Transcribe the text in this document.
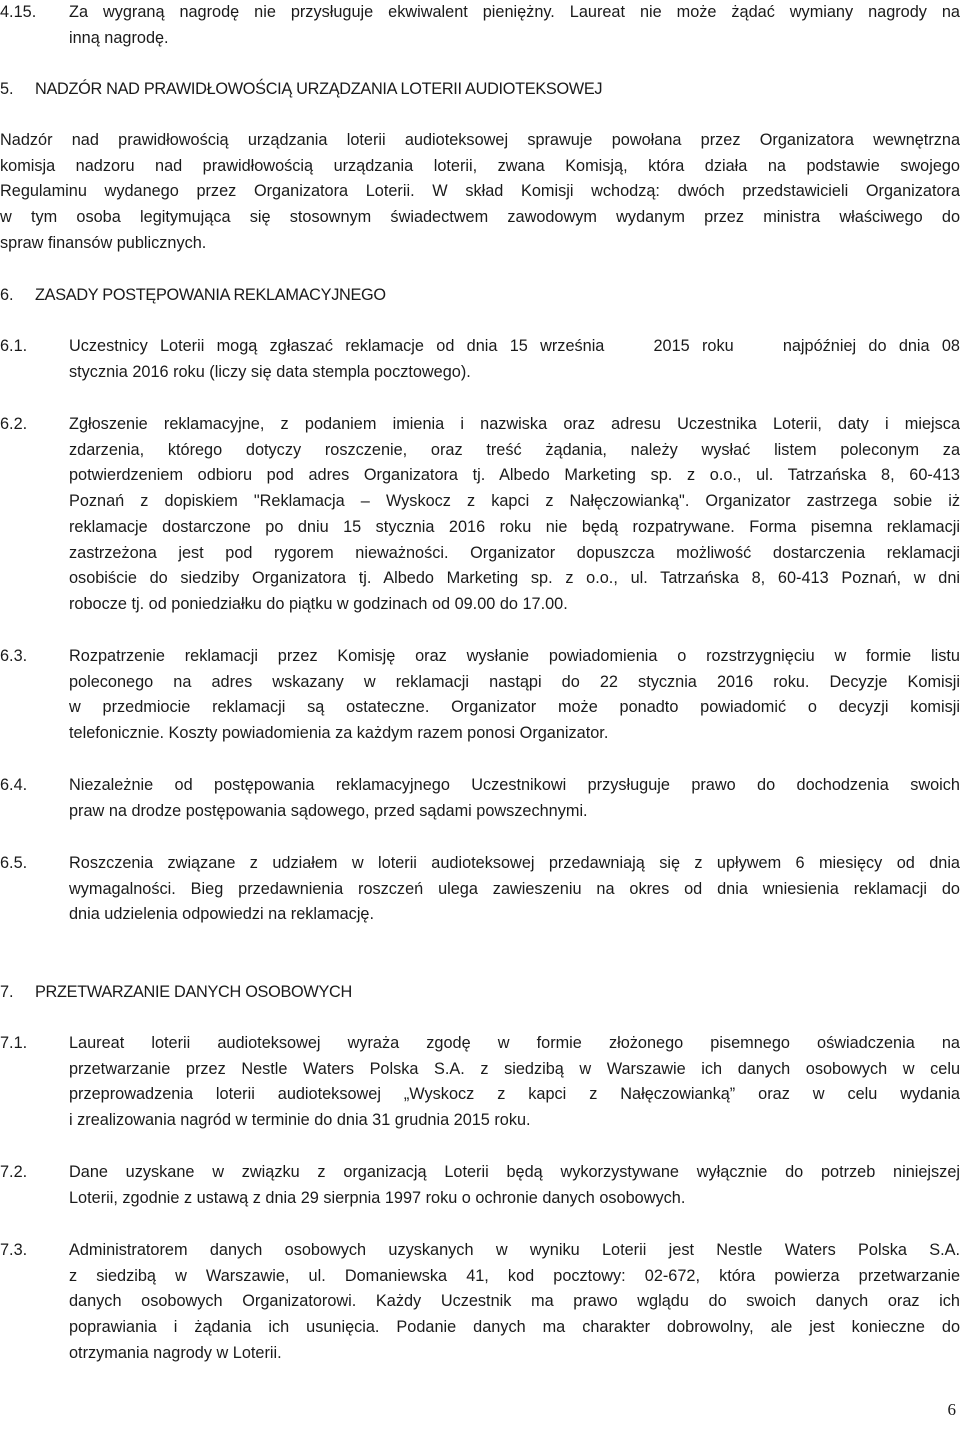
4.15. Za wygraną nagrodę nie przysługuje ekwiwalent pieniężny. Laureat nie może żądać wymiany nagrody na
inną nagrodę.
5. NADZÓR NAD PRAWIDŁOWOŚCIĄ URZĄDZANIA LOTERII AUDIOTEKSOWEJ
Nadzór nad prawidłowością urządzania loterii audioteksowej sprawuje powołana przez Organizatora wewnętrzna
komisja nadzoru nad prawidłowością urządzania loterii, zwana Komisją, która działa na podstawie swojego
Regulaminu wydanego przez Organizatora Loterii. W skład Komisji wchodzą: dwóch przedstawicieli Organizatora
w tym osoba legitymująca się stosownym świadectwem zawodowym wydanym przez ministra właściwego do
spraw finansów publicznych.
6. ZASADY POSTĘPOWANIA REKLAMACYJNEGO
6.1.	Uczestnicy Loterii mogą zgłaszać reklamacje od dnia 15 września    2015 roku    najpóźniej do dnia 08
stycznia 2016 roku (liczy się data stempla pocztowego).
6.2.	Zgłoszenie reklamacyjne, z podaniem imienia i nazwiska oraz adresu Uczestnika Loterii, daty i miejsca
zdarzenia, którego dotyczy roszczenie, oraz treść żądania, należy wysłać listem poleconym za
potwierdzeniem odbioru pod adres Organizatora tj. Albedo Marketing sp. z o.o., ul. Tatrzańska 8, 60-413
Poznań z dopiskiem "Reklamacja – Wyskocz z kapci z Nałęczowianką". Organizator zastrzega sobie iż
reklamacje dostarczone po dniu 15 stycznia 2016 roku nie będą rozpatrywane. Forma pisemna reklamacji
zastrzeżona jest pod rygorem nieważności. Organizator dopuszcza możliwość dostarczenia reklamacji
osobiście do siedziby Organizatora tj. Albedo Marketing sp. z o.o., ul. Tatrzańska 8, 60-413 Poznań, w dni
robocze tj. od poniedziałku do piątku w godzinach od 09.00 do 17.00.
6.3.	Rozpatrzenie reklamacji przez Komisję oraz wysłanie powiadomienia o rozstrzygnięciu w formie listu
poleconego na adres wskazany w reklamacji nastąpi do 22 stycznia 2016 roku. Decyzje Komisji
w przedmiocie reklamacji są ostateczne. Organizator może ponadto powiadomić o decyzji komisji
telefonicznie. Koszty powiadomienia za każdym razem ponosi Organizator.
6.4.	Niezależnie od postępowania reklamacyjnego Uczestnikowi przysługuje prawo do dochodzenia swoich
praw na drodze postępowania sądowego, przed sądami powszechnymi.
6.5.	Roszczenia związane z udziałem w loterii audioteksowej przedawniają się z upływem 6 miesięcy od dnia
wymagalności. Bieg przedawnienia roszczeń ulega zawieszeniu na okres od dnia wniesienia reklamacji do
dnia udzielenia odpowiedzi na reklamację.
7. PRZETWARZANIE DANYCH OSOBOWYCH
7.1.	Laureat loterii audioteksowej wyraża zgodę w formie złożonego pisemnego oświadczenia na
przetwarzanie przez Nestle Waters Polska S.A. z siedzibą w Warszawie ich danych osobowych w celu
przeprowadzenia loterii audioteksowej „Wyskocz z kapci z Nałęczowianką” oraz w celu wydania
i zrealizowania nagród w terminie do dnia 31 grudnia 2015 roku.
7.2.	Dane uzyskane w związku z organizacją Loterii będą wykorzystywane wyłącznie do potrzeb niniejszej
Loterii, zgodnie z ustawą z dnia 29 sierpnia 1997 roku o ochronie danych osobowych.
7.3.	Administratorem danych osobowych uzyskanych w wyniku Loterii jest Nestle Waters Polska S.A.
z siedzibą w Warszawie, ul. Domaniewska 41, kod pocztowy: 02-672, która powierza przetwarzanie
danych osobowych Organizatorowi. Każdy Uczestnik ma prawo wglądu do swoich danych oraz ich
poprawiania i żądania ich usunięcia. Podanie danych ma charakter dobrowolny, ale jest konieczne do
otrzymania nagrody w Loterii.
6
